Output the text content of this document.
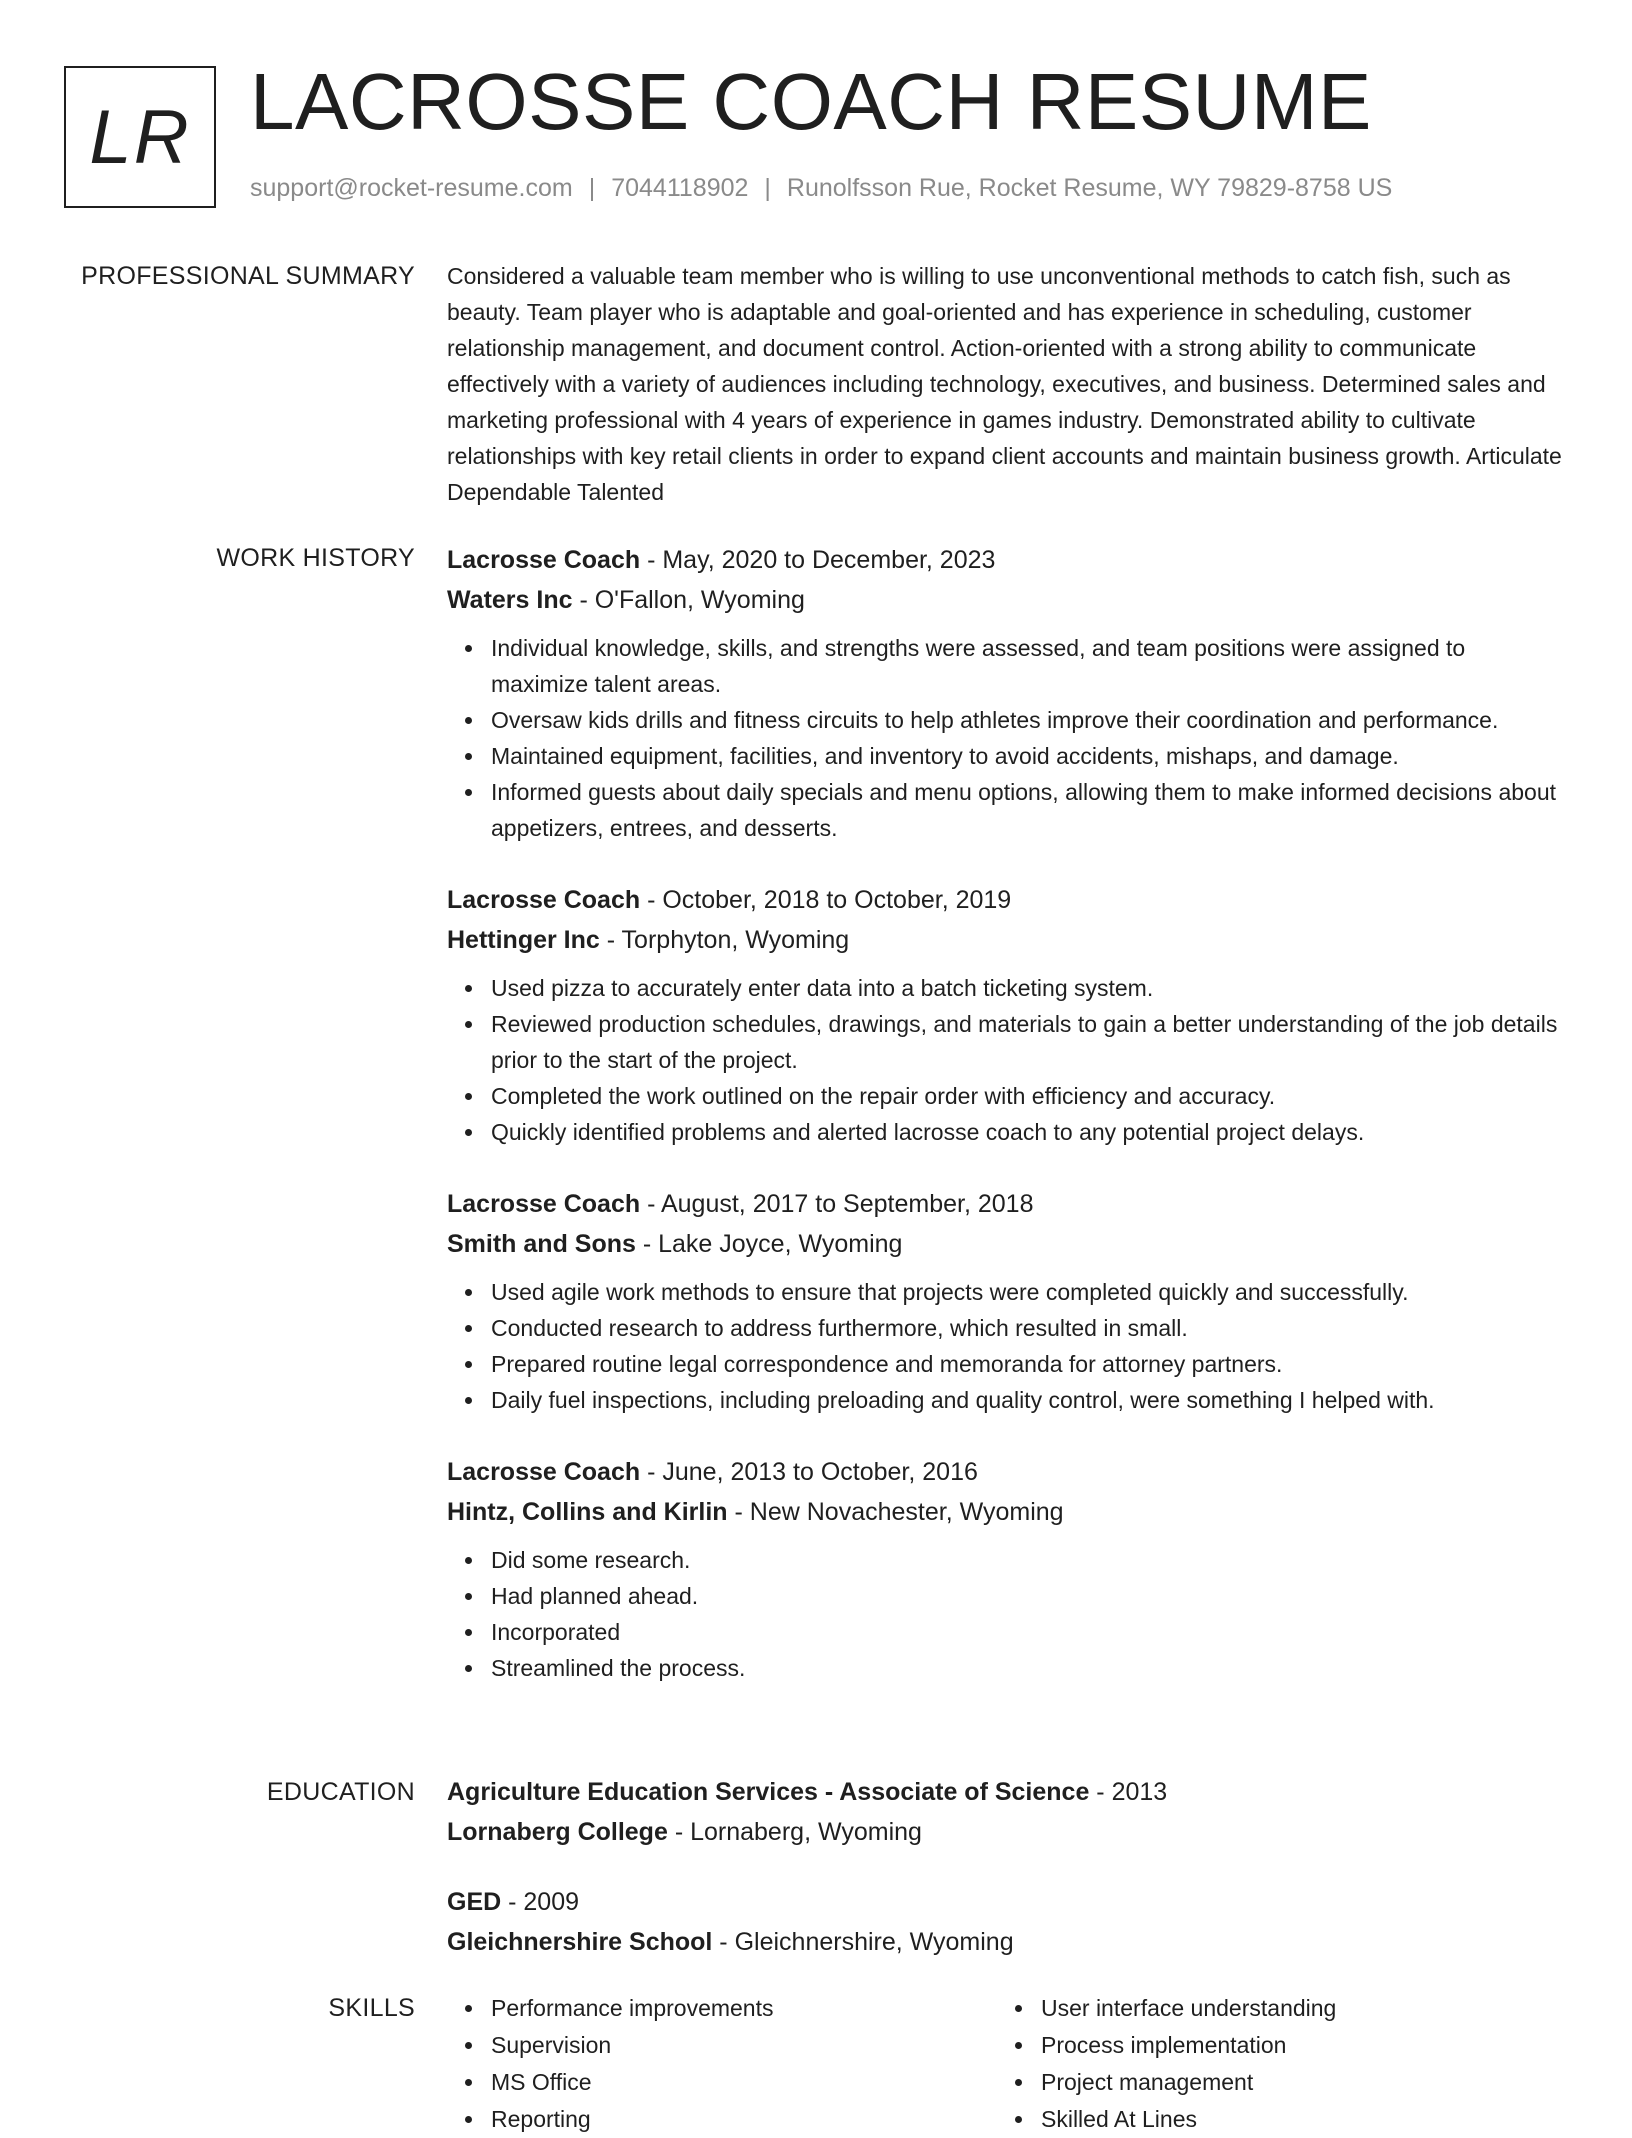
LR LACROSSE COACH RESUME
support@rocket-resume.com | 7044118902 | Runolfsson Rue, Rocket Resume, WY 79829-8758 US
PROFESSIONAL SUMMARY Considered a valuable team member who is willing to use unconventional methods to catch fish, such as beauty. Team player who is adaptable and goal-oriented and has experience in scheduling, customer relationship management, and document control. Action-oriented with a strong ability to communicate effectively with a variety of audiences including technology, executives, and business. Determined sales and marketing professional with 4 years of experience in games industry. Demonstrated ability to cultivate relationships with key retail clients in order to expand client accounts and maintain business growth. Articulate Dependable Talented

WORK HISTORY Lacrosse Coach - May, 2020 to December, 2023
Waters Inc - O'Fallon, Wyoming
Individual knowledge, skills, and strengths were assessed, and team positions were assigned to maximize talent areas.
Oversaw kids drills and fitness circuits to help athletes improve their coordination and performance.
Maintained equipment, facilities, and inventory to avoid accidents, mishaps, and damage.
Informed guests about daily specials and menu options, allowing them to make informed decisions about appetizers, entrees, and desserts.
Lacrosse Coach - October, 2018 to October, 2019
Hettinger Inc - Torphyton, Wyoming
Used pizza to accurately enter data into a batch ticketing system.
Reviewed production schedules, drawings, and materials to gain a better understanding of the job details prior to the start of the project.
Completed the work outlined on the repair order with efficiency and accuracy.
Quickly identified problems and alerted lacrosse coach to any potential project delays.
Lacrosse Coach - August, 2017 to September, 2018
Smith and Sons - Lake Joyce, Wyoming
Used agile work methods to ensure that projects were completed quickly and successfully.
Conducted research to address furthermore, which resulted in small.
Prepared routine legal correspondence and memoranda for attorney partners.
Daily fuel inspections, including preloading and quality control, were something I helped with.
Lacrosse Coach - June, 2013 to October, 2016
Hintz, Collins and Kirlin - New Novachester, Wyoming
Did some research.
Had planned ahead.
Incorporated
Streamlined the process.
EDUCATION Agriculture Education Services - Associate of Science - 2013
Lornaberg College - Lornaberg, Wyoming
GED - 2009
Gleichnershire School - Gleichnershire, Wyoming
SKILLS	Performance improvements
Supervision
MS Office
Reporting
User interface understanding
Process implementation
Project management
Skilled At Lines
